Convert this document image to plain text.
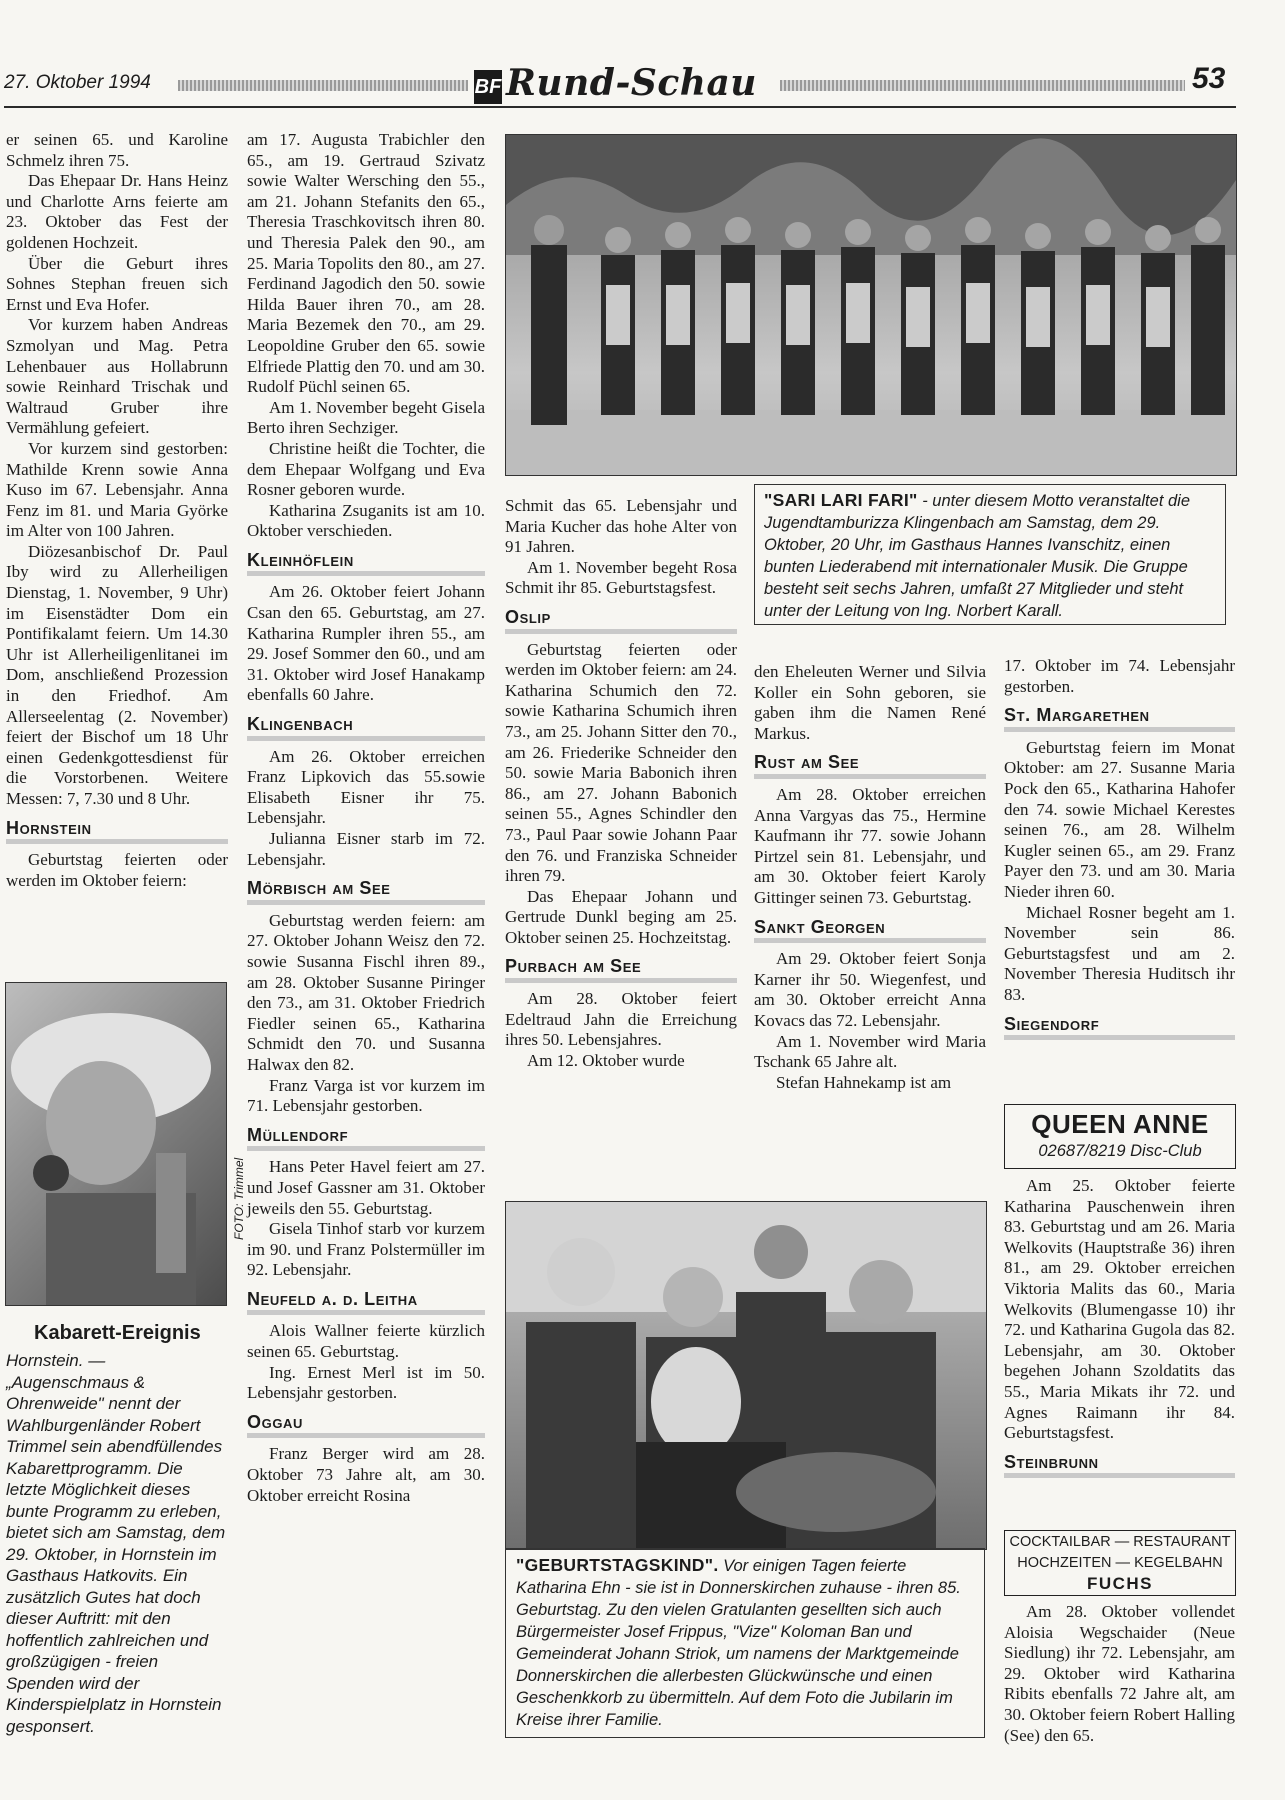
27. Oktober 1994	BF Rund-Schau	53

er seinen 65. und Karoline Schmelz ihren 75.

Das Ehepaar Dr. Hans Heinz und Charlotte Arns feierte am 23. Oktober das Fest der goldenen Hochzeit.

Über die Geburt ihres Sohnes Stephan freuen sich Ernst und Eva Hofer.

Vor kurzem haben Andreas Szmolyan und Mag. Petra Lehenbauer aus Hollabrunn sowie Reinhard Trischak und Waltraud Gruber ihre Vermählung gefeiert.

Vor kurzem sind gestorben: Mathilde Krenn sowie Anna Kuso im 67. Lebensjahr. Anna Fenz im 81. und Maria Györke im Alter von 100 Jahren.

Diözesanbischof Dr. Paul Iby wird zu Allerheiligen Dienstag, 1. November, 9 Uhr) im Eisenstädter Dom ein Pontifikalamt feiern. Um 14.30 Uhr ist Allerheiligenlitanei im Dom, anschließend Prozession in den Friedhof. Am Allerseelentag (2. November) feiert der Bischof um 18 Uhr einen Gedenkgottesdienst für die Vorstorbenen. Weitere Messen: 7, 7.30 und 8 Uhr.

Hornstein

Geburtstag feierten oder werden im Oktober feiern:

am 17. Augusta Trabichler den 65., am 19. Gertraud Szivatz sowie Walter Wersching den 55., am 21. Johann Stefanits den 65., Theresia Traschkovitsch ihren 80. und Theresia Palek den 90., am 25. Maria Topolits den 80., am 27. Ferdinand Jagodich den 50. sowie Hilda Bauer ihren 70., am 28. Maria Bezemek den 70., am 29. Leopoldine Gruber den 65. sowie Elfriede Plattig den 70. und am 30. Rudolf Püchl seinen 65.

Am 1. November begeht Gisela Berto ihren Sechziger.

Christine heißt die Tochter, die dem Ehepaar Wolfgang und Eva Rosner geboren wurde.

Katharina Zsuganits ist am 10. Oktober verschieden.

Kleinhöflein

Am 26. Oktober feiert Johann Csan den 65. Geburtstag, am 27. Katharina Rumpler ihren 55., am 29. Josef Sommer den 60., und am 31. Oktober wird Josef Hanakamp ebenfalls 60 Jahre.

Klingenbach

Am 26. Oktober erreichen Franz Lipkovich das 55.sowie Elisabeth Eisner ihr 75. Lebensjahr.

Julianna Eisner starb im 72. Lebensjahr.

Mörbisch am See

Geburtstag werden feiern: am 27. Oktober Johann Weisz den 72. sowie Susanna Fischl ihren 89., am 28. Oktober Susanne Piringer den 73., am 31. Oktober Friedrich Fiedler seinen 65., Katharina Schmidt den 70. und Susanna Halwax den 82.

Franz Varga ist vor kurzem im 71. Lebensjahr gestorben.

Müllendorf

Hans Peter Havel feiert am 27. und Josef Gassner am 31. Oktober jeweils den 55. Geburtstag.

Gisela Tinhof starb vor kurzem im 90. und Franz Polstermüller im 92. Lebensjahr.

Neufeld a. d. Leitha

Alois Wallner feierte kürzlich seinen 65. Geburtstag.

Ing. Ernest Merl ist im 50. Lebensjahr gestorben.

Oggau

Franz Berger wird am 28. Oktober 73 Jahre alt, am 30. Oktober erreicht Rosina

Schmit das 65. Lebensjahr und Maria Kucher das hohe Alter von 91 Jahren.

Am 1. November begeht Rosa Schmit ihr 85. Geburtstagsfest.

Oslip

Geburtstag feierten oder werden im Oktober feiern: am 24. Katharina Schumich den 72. sowie Katharina Schumich ihren 73., am 25. Johann Sitter den 70., am 26. Friederike Schneider den 50. sowie Maria Babonich ihren 86., am 27. Johann Babonich seinen 55., Agnes Schindler den 73., Paul Paar sowie Johann Paar den 76. und Franziska Schneider ihren 79.

Das Ehepaar Johann und Gertrude Dunkl beging am 25. Oktober seinen 25. Hochzeitstag.

Purbach am See

Am 28. Oktober feiert Edeltraud Jahn die Erreichung ihres 50. Lebensjahres.

Am 12. Oktober wurde

den Eheleuten Werner und Silvia Koller ein Sohn geboren, sie gaben ihm die Namen René Markus.

Rust am See

Am 28. Oktober erreichen Anna Vargyas das 75., Hermine Kaufmann ihr 77. sowie Johann Pirtzel sein 81. Lebensjahr, und am 30. Oktober feiert Karoly Gittinger seinen 73. Geburtstag.

Sankt Georgen

Am 29. Oktober feiert Sonja Karner ihr 50. Wiegenfest, und am 30. Oktober erreicht Anna Kovacs das 72. Lebensjahr.

Am 1. November wird Maria Tschank 65 Jahre alt.

Stefan Hahnekamp ist am

17. Oktober im 74. Lebensjahr gestorben.

St. Margarethen

Geburtstag feiern im Monat Oktober: am 27. Susanne Maria Pock den 65., Katharina Hahofer den 74. sowie Michael Kerestes seinen 76., am 28. Wilhelm Kugler seinen 65., am 29. Franz Payer den 73. und am 30. Maria Nieder ihren 60.

Michael Rosner begeht am 1. November sein 86. Geburtstagsfest und am 2. November Theresia Huditsch ihr 83.

Siegendorf

Am 25. Oktober feierte Katharina Pauschenwein ihren 83. Geburtstag und am 26. Maria Welkovits (Hauptstraße 36) ihren 81., am 29. Oktober erreichen Viktoria Malits das 60., Maria Welkovits (Blumengasse 10) ihr 72. und Katharina Gugola das 82. Lebensjahr, am 30. Oktober begehen Johann Szoldatits das 55., Maria Mikats ihr 72. und Agnes Raimann ihr 84. Geburtstagsfest.

Steinbrunn

Am 28. Oktober vollendet Aloisia Wegschaider (Neue Siedlung) ihr 72. Lebensjahr, am 29. Oktober wird Katharina Ribits ebenfalls 72 Jahre alt, am 30. Oktober feiern Robert Halling (See) den 65.

FOTO: Trimmel
Kabarett-Ereignis
Hornstein. — „Augenschmaus & Ohrenweide" nennt der Wahlburgenländer Robert Trimmel sein abendfüllendes Kabarettprogramm. Die letzte Möglichkeit dieses bunte Programm zu erleben, bietet sich am Samstag, dem 29. Oktober, in Hornstein im Gasthaus Hatkovits. Ein zusätzlich Gutes hat doch dieser Auftritt: mit den hoffentlich zahlreichen und großzügigen - freien Spenden wird der Kinderspielplatz in Hornstein gesponsert.
"SARI LARI FARI" - unter diesem Motto veranstaltet die Jugendtamburizza Klingenbach am Samstag, dem 29. Oktober, 20 Uhr, im Gasthaus Hannes Ivanschitz, einen bunten Liederabend mit internationaler Musik. Die Gruppe besteht seit sechs Jahren, umfaßt 27 Mitglieder und steht unter der Leitung von Ing. Norbert Karall.
"GEBURTSTAGSKIND". Vor einigen Tagen feierte Katharina Ehn - sie ist in Donnerskirchen zuhause - ihren 85. Geburtstag. Zu den vielen Gratulanten gesellten sich auch Bürgermeister Josef Frippus, "Vize" Koloman Ban und Gemeinderat Johann Striok, um namens der Marktgemeinde Donnerskirchen die allerbesten Glückwünsche und einen Geschenkkorb zu übermitteln. Auf dem Foto die Jubilarin im Kreise ihrer Familie.
QUEEN ANNE
02687/8219 Disc-Club
COCKTAILBAR — RESTAURANT
HOCHZEITEN — KEGELBAHN
FUCHS
